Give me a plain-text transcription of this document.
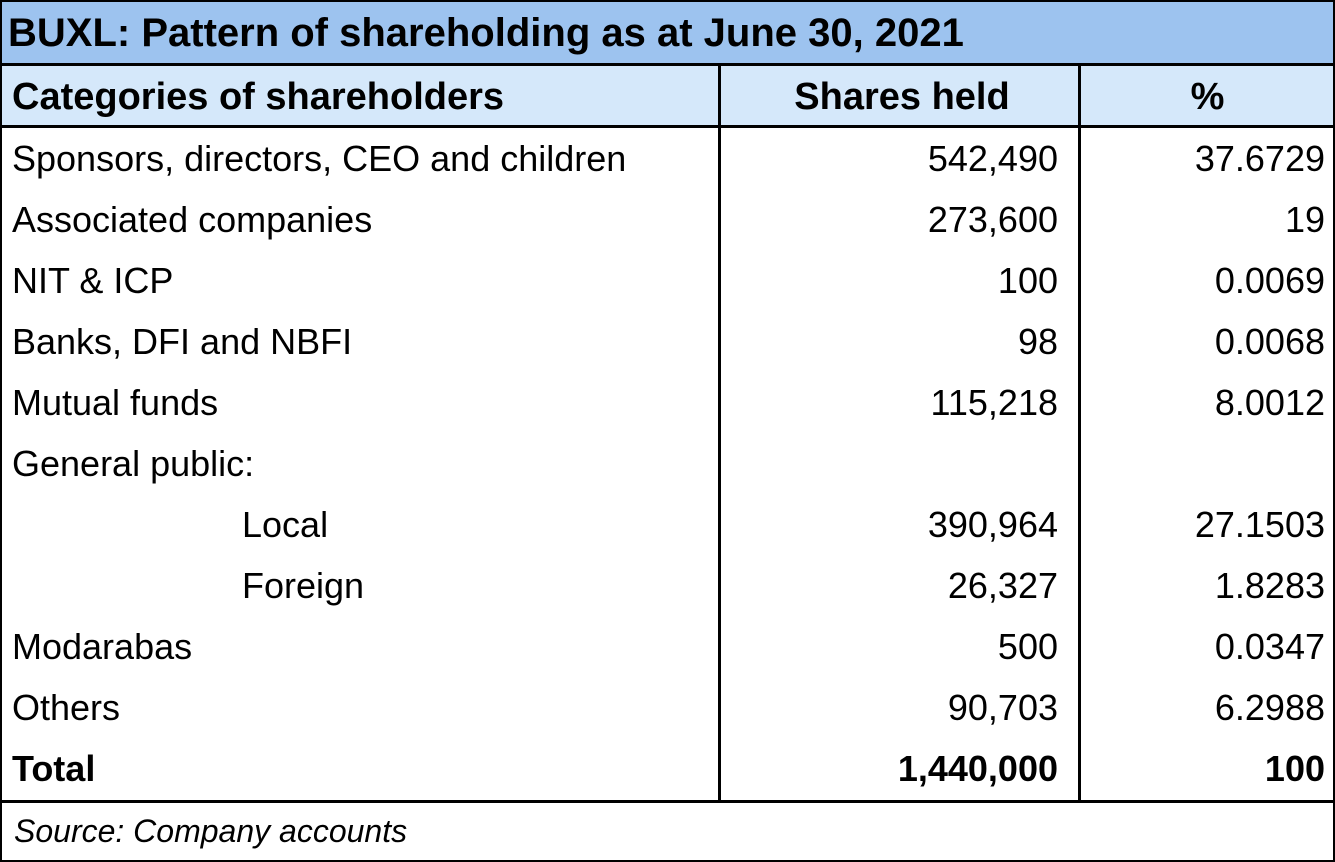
BUXL: Pattern of shareholding as at June 30, 2021
Categories of shareholders	Shares held	%
Sponsors, directors, CEO and children	542,490	37.6729
Associated companies	273,600	19
NIT & ICP	100	0.0069
Banks, DFI and NBFI	98	0.0068
Mutual funds	115,218	8.0012
General public:
Local	390,964	27.1503
Foreign	26,327	1.8283
Modarabas	500	0.0347
Others	90,703	6.2988
Total	1,440,000	100
Source: Company accounts
